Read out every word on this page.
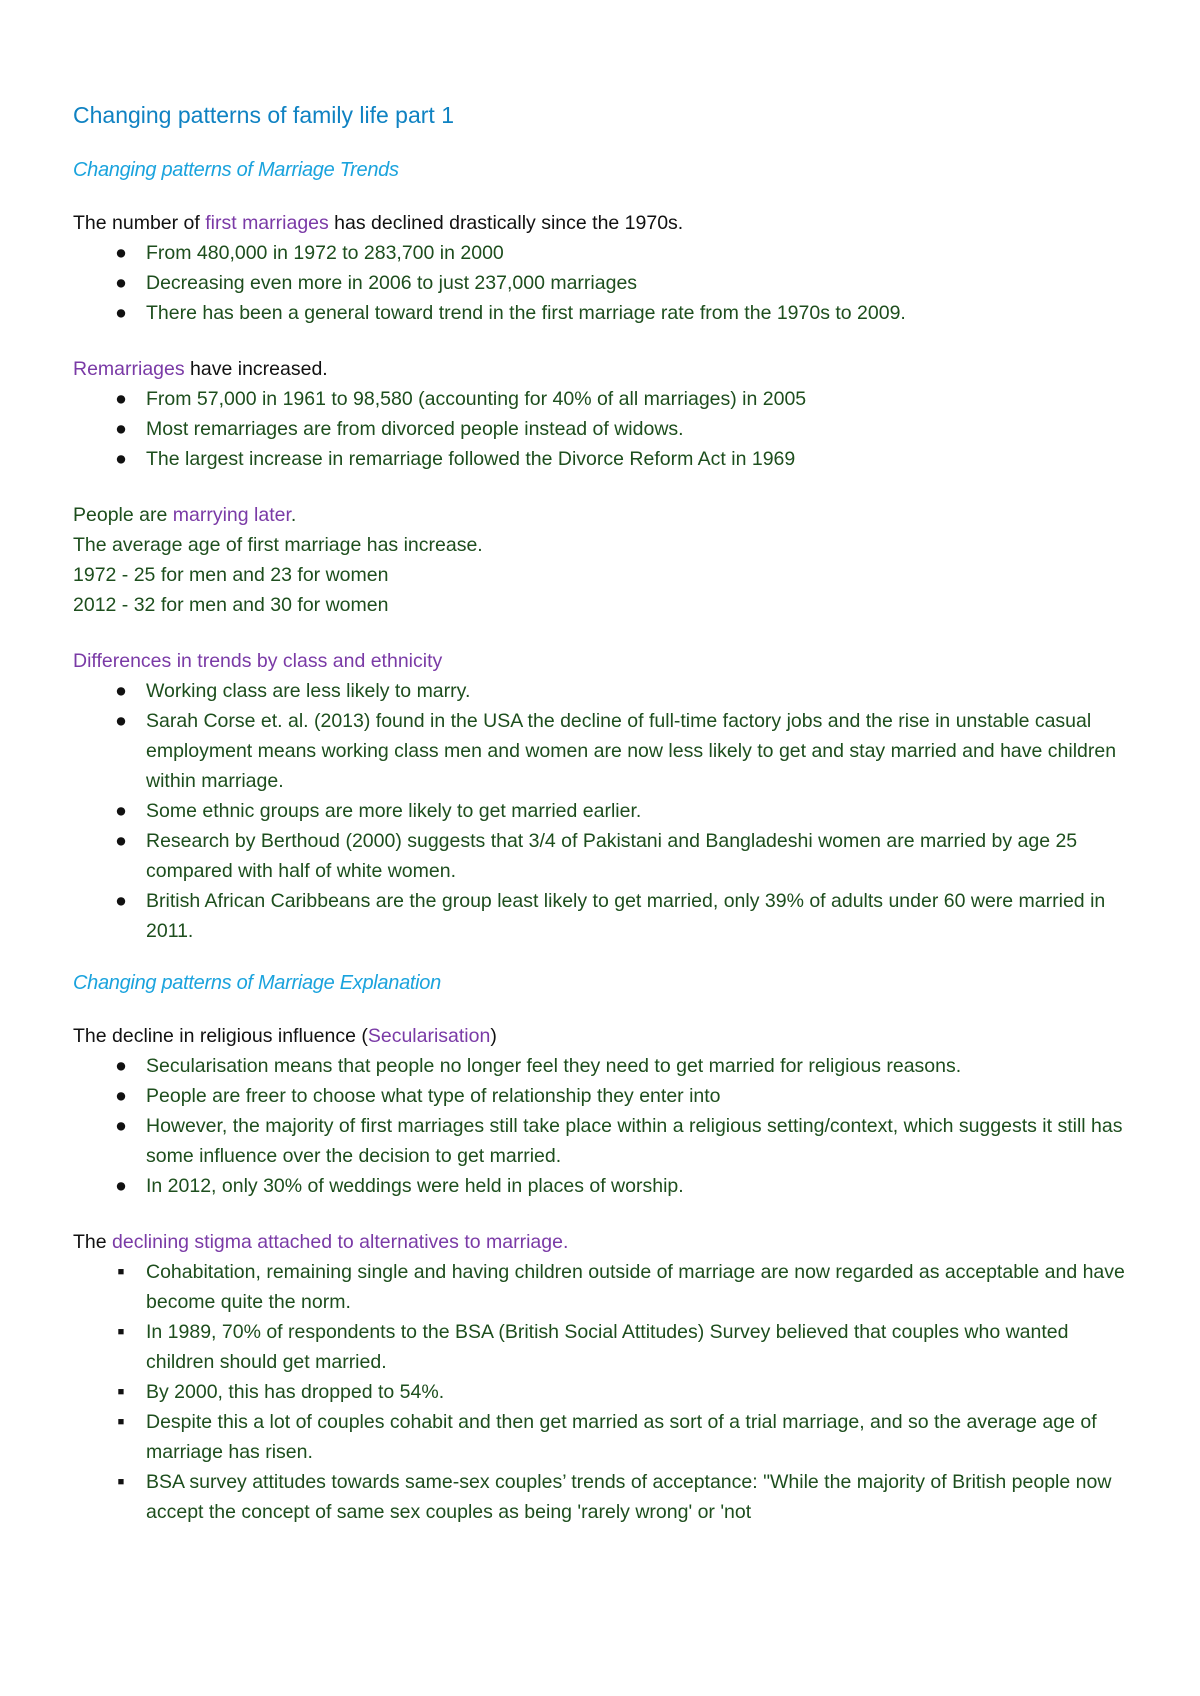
Changing patterns of family life part 1
Changing patterns of Marriage Trends

The number of first marriages has declined drastically since the 1970s.

● From 480,000 in 1972 to 283,700 in 2000
● Decreasing even more in 2006 to just 237,000 marriages
● There has been a general toward trend in the first marriage rate from the 1970s to 2009.

Remarriages have increased.

● From 57,000 in 1961 to 98,580 (accounting for 40% of all marriages) in 2005
● Most remarriages are from divorced people instead of widows.
● The largest increase in remarriage followed the Divorce Reform Act in 1969

People are marrying later.

The average age of first marriage has increase.

1972 - 25 for men and 23 for women

2012 - 32 for men and 30 for women

Differences in trends by class and ethnicity

● Working class are less likely to marry.
● Sarah Corse et. al. (2013) found in the USA the decline of full-time factory jobs and the rise in unstable casual employment means working class men and women are now less likely to get and stay married and have children within marriage.
● Some ethnic groups are more likely to get married earlier.
● Research by Berthoud (2000) suggests that 3/4 of Pakistani and Bangladeshi women are married by age 25 compared with half of white women.
● British African Caribbeans are the group least likely to get married, only 39% of adults under 60 were married in 2011.
Changing patterns of Marriage Explanation

The decline in religious influence (Secularisation)

● Secularisation means that people no longer feel they need to get married for religious reasons.
● People are freer to choose what type of relationship they enter into
● However, the majority of first marriages still take place within a religious setting/context, which suggests it still has some influence over the decision to get married.
● In 2012, only 30% of weddings were held in places of worship.

The declining stigma attached to alternatives to marriage.

■	Cohabitation, remaining single and having children outside of marriage are now regarded as acceptable and have become quite the norm.
■	In 1989, 70% of respondents to the BSA (British Social Attitudes) Survey believed that couples who wanted children should get married.
■	By 2000, this has dropped to 54%.
■	Despite this a lot of couples cohabit and then get married as sort of a trial marriage, and so the average age of marriage has risen.
■	BSA survey attitudes towards same-sex couples’ trends of acceptance: "While the majority of British people now accept the concept of same sex couples as being 'rarely wrong' or 'not
